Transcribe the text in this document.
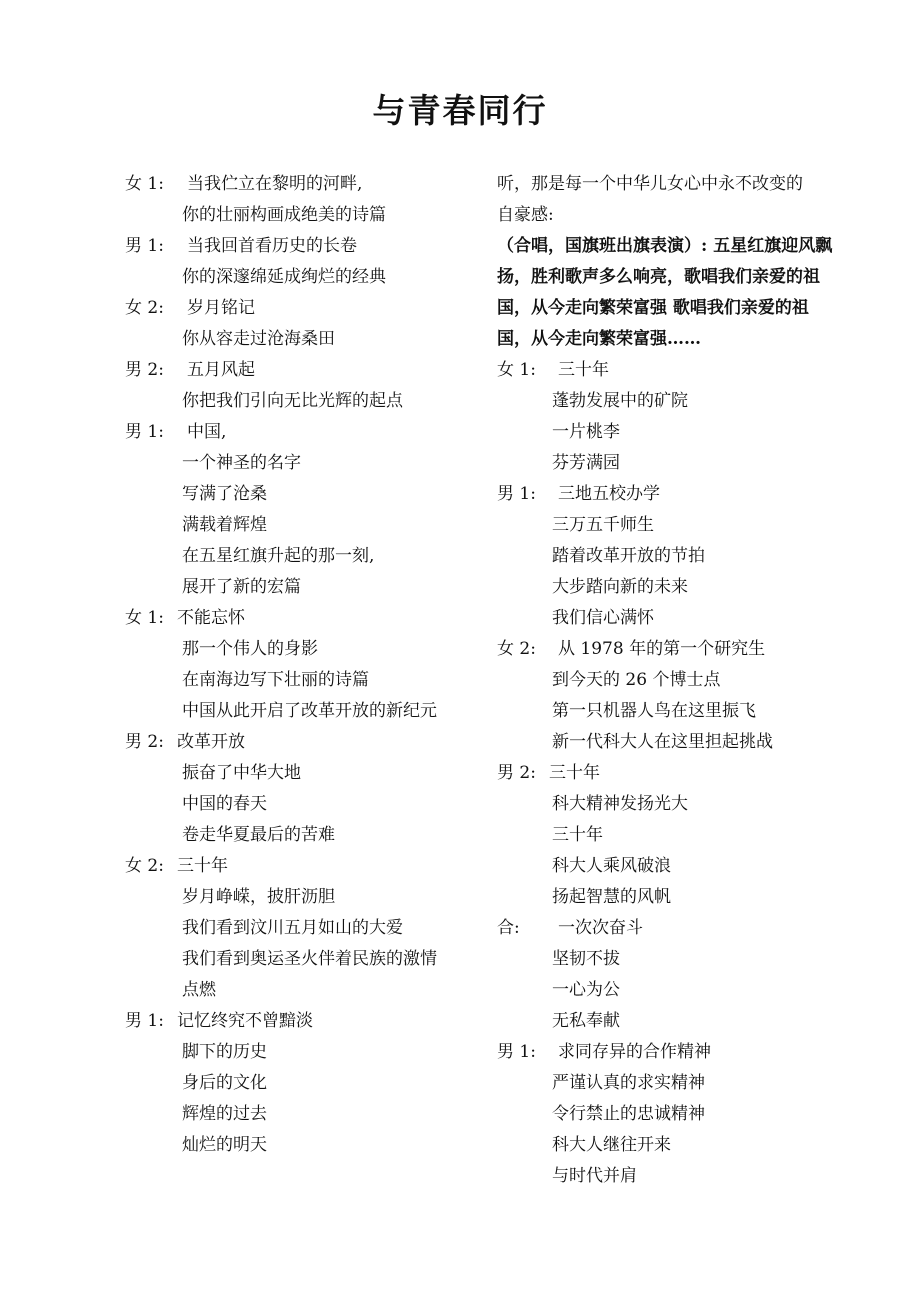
与青春同行
女 1: 当我伫立在黎明的河畔,
你的壮丽构画成绝美的诗篇
男 1: 当我回首看历史的长卷
你的深邃绵延成绚烂的经典
女 2: 岁月铭记
你从容走过沧海桑田
男 2: 五月风起
你把我们引向无比光辉的起点
男 1: 中国,
一个神圣的名字
写满了沧桑
满载着辉煌
在五星红旗升起的那一刻,
展开了新的宏篇
女 1: 不能忘怀
那一个伟人的身影
在南海边写下壮丽的诗篇
中国从此开启了改革开放的新纪元
男 2: 改革开放
振奋了中华大地
中国的春天
卷走华夏最后的苦难
女 2: 三十年
岁月峥嵘，披肝沥胆
我们看到汶川五月如山的大爱
我们看到奥运圣火伴着民族的激情
点燃
男 1: 记忆终究不曾黯淡
脚下的历史
身后的文化
辉煌的过去
灿烂的明天
听，那是每一个中华儿女心中永不改变的
自豪感:
（合唱，国旗班出旗表演）: 五星红旗迎风飘扬，胜利歌声多么响亮，歌唱我们亲爱的祖国，从今走向繁荣富强 歌唱我们亲爱的祖国，从今走向繁荣富强……
女 1: 三十年
蓬勃发展中的矿院
一片桃李
芬芳满园
男 1: 三地五校办学
三万五千师生
踏着改革开放的节拍
大步踏向新的未来
我们信心满怀
女 2: 从 1978 年的第一个研究生
到今天的 26 个博士点
第一只机器人鸟在这里振飞
新一代科大人在这里担起挑战
男 2: 三十年
科大精神发扬光大
三十年
科大人乘风破浪
扬起智慧的风帆
合: 一次次奋斗
坚韧不拔
一心为公
无私奉献
男 1: 求同存异的合作精神
严谨认真的求实精神
令行禁止的忠诚精神
科大人继往开来
与时代并肩
